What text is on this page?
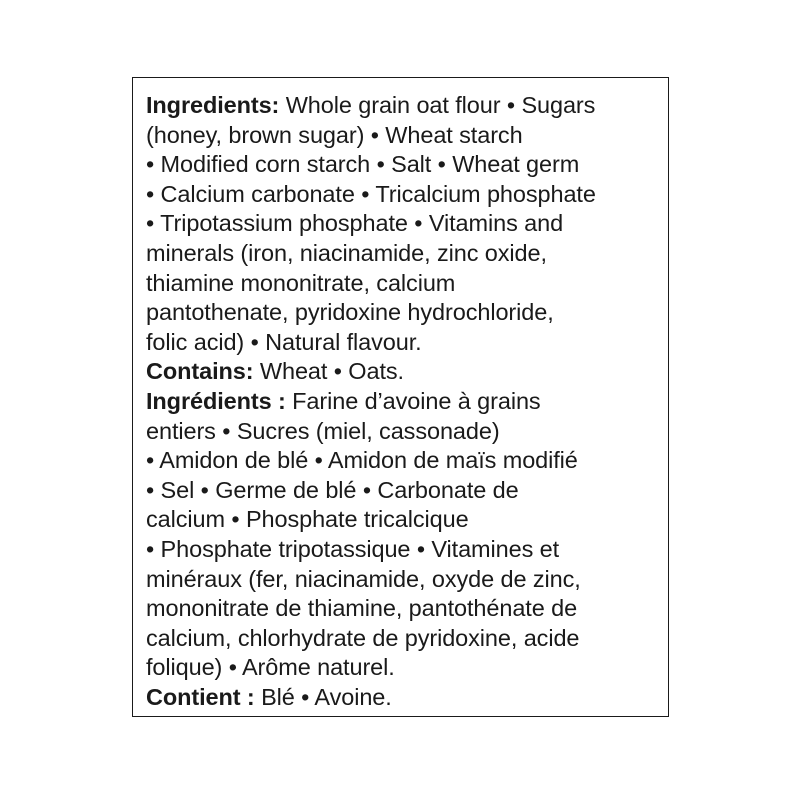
Ingredients: Whole grain oat flour • Sugars
(honey, brown sugar) • Wheat starch
• Modified corn starch • Salt • Wheat germ
• Calcium carbonate • Tricalcium phosphate
• Tripotassium phosphate • Vitamins and
minerals (iron, niacinamide, zinc oxide,
thiamine mononitrate, calcium
pantothenate, pyridoxine hydrochloride,
folic acid) • Natural flavour.
Contains: Wheat • Oats.
Ingrédients : Farine d’avoine à grains
entiers • Sucres (miel, cassonade)
• Amidon de blé • Amidon de maïs modifié
• Sel • Germe de blé • Carbonate de
calcium • Phosphate tricalcique
• Phosphate tripotassique • Vitamines et
minéraux (fer, niacinamide, oxyde de zinc,
mononitrate de thiamine, pantothénate de
calcium, chlorhydrate de pyridoxine, acide
folique) • Arôme naturel.
Contient : Blé • Avoine.
